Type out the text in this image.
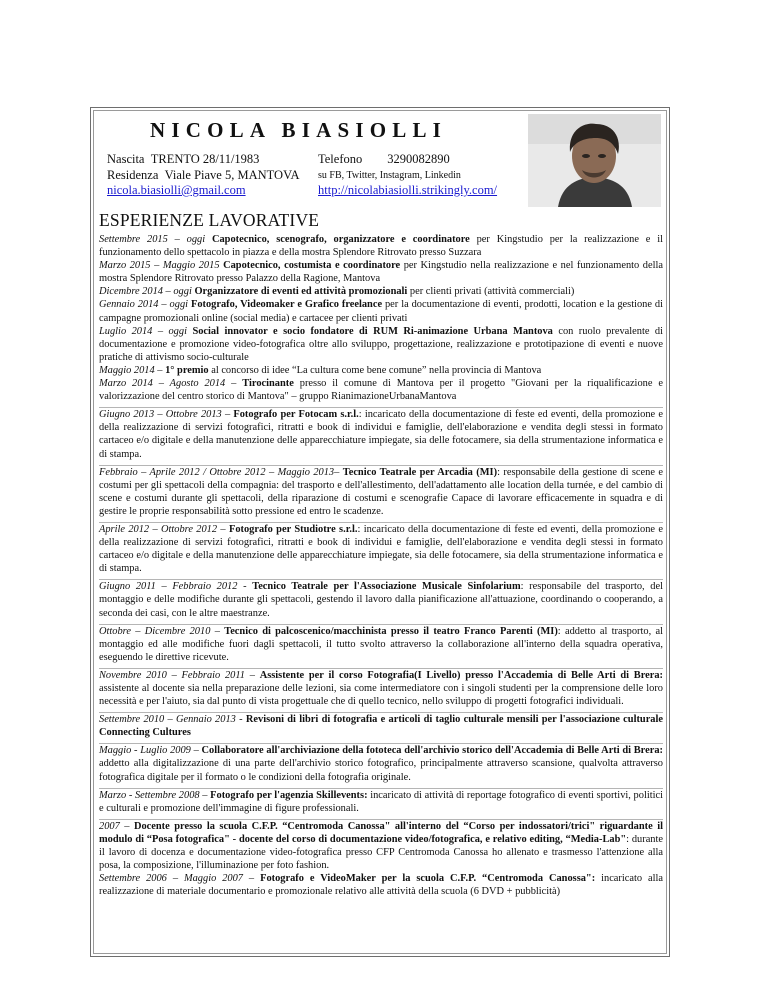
NICOLA BIASIOLLI
Nascita TRENTO 28/11/1983
Residenza Viale Piave 5, MANTOVA
nicola.biasiolli@gmail.com
Telefono 3290082890
su FB, Twitter, Instagram, Linkedin
http://nicolabiasiolli.strikingly.com/
ESPERIENZE LAVORATIVE

Settembre 2015 – oggi Capotecnico, scenografo, organizzatore e coordinatore per Kingstudio per la realizzazione e il funzionamento dello spettacolo in piazza e della mostra Splendore Ritrovato presso Suzzara

Marzo 2015 – Maggio 2015 Capotecnico, costumista e coordinatore per Kingstudio nella realizzazione e nel funzionamento della mostra Splendore Ritrovato presso Palazzo della Ragione, Mantova

Dicembre 2014 – oggi Organizzatore di eventi ed attività promozionali per clienti privati (attività commerciali)

Gennaio 2014 – oggi Fotografo, Videomaker e Grafico freelance per la documentazione di eventi, prodotti, location e la gestione di campagne promozionali online (social media) e cartacee per clienti privati

Luglio 2014 – oggi Social innovator e socio fondatore di RUM Ri-animazione Urbana Mantova con ruolo prevalente di documentazione e promozione video-fotografica oltre allo sviluppo, progettazione, realizzazione e prototipazione di eventi e nuove pratiche di attivismo socio-culturale

Maggio 2014 – 1° premio al concorso di idee “La cultura come bene comune” nella provincia di Mantova

Marzo 2014 – Agosto 2014 – Tirocinante presso il comune di Mantova per il progetto "Giovani per la riqualificazione e valorizzazione del centro storico di Mantova" – gruppo RianimazioneUrbanaMantova

Giugno 2013 – Ottobre 2013 – Fotografo per Fotocam s.r.l.: incaricato della documentazione di feste ed eventi, della promozione e della realizzazione di servizi fotografici, ritratti e book di individui e famiglie, dell'elaborazione e vendita degli stessi in formato cartaceo e/o digitale e della manutenzione delle apparecchiature impiegate, sia delle fotocamere, sia della strumentazione informatica e di stampa.

Febbraio – Aprile 2012 / Ottobre 2012 – Maggio 2013– Tecnico Teatrale per Arcadia (MI): responsabile della gestione di scene e costumi per gli spettacoli della compagnia: del trasporto e dell'allestimento, dell'adattamento alle location della turnée, e del cambio di scene e costumi durante gli spettacoli, della riparazione di costumi e scenografie Capace di lavorare efficacemente in squadra e di gestire le proprie responsabilità sotto pressione ed entro le scadenze.

Aprile 2012 – Ottobre 2012 – Fotografo per Studiotre s.r.l.: incaricato della documentazione di feste ed eventi, della promozione e della realizzazione di servizi fotografici, ritratti e book di individui e famiglie, dell'elaborazione e vendita degli stessi in formato cartaceo e/o digitale e della manutenzione delle apparecchiature impiegate, sia delle fotocamere, sia della strumentazione informatica e di stampa.

Giugno 2011 – Febbraio 2012 - Tecnico Teatrale per l'Associazione Musicale Sinfolarium: responsabile del trasporto, del montaggio e delle modifiche durante gli spettacoli, gestendo il lavoro dalla pianificazione all'attuazione, coordinando o cooperando, a seconda dei casi, con le altre maestranze.

Ottobre – Dicembre 2010 – Tecnico di palcoscenico/macchinista presso il teatro Franco Parenti (MI): addetto al trasporto, al montaggio ed alle modifiche fuori dagli spettacoli, il tutto svolto attraverso la collaborazione all'interno della squadra operativa, eseguendo le direttive ricevute.

Novembre 2010 – Febbraio 2011 – Assistente per il corso Fotografia(I Livello) presso l'Accademia di Belle Arti di Brera: assistente al docente sia nella preparazione delle lezioni, sia come intermediatore con i singoli studenti per la comprensione delle loro necessità e per l'aiuto, sia dal punto di vista progettuale che di quello tecnico, nello sviluppo di progetti fotografici individuali.

Settembre 2010 – Gennaio 2013 - Revisoni di libri di fotografia e articoli di taglio culturale mensili per l'associazione culturale Connecting Cultures

Maggio - Luglio 2009 – Collaboratore all'archiviazione della fototeca dell'archivio storico dell'Accademia di Belle Arti di Brera: addetto alla digitalizzazione di una parte dell'archivio storico fotografico, principalmente attraverso scansione, qualvolta attraverso fotografica digitale per il formato o le condizioni della fotografia originale.

Marzo - Settembre 2008 – Fotografo per l'agenzia Skillevents: incaricato di attività di reportage fotografico di eventi sportivi, politici e culturali e promozione dell'immagine di figure professionali.

2007 – Docente presso la scuola C.F.P. “Centromoda Canossa" all'interno del “Corso per indossatori/trici" riguardante il modulo di “Posa fotografica" - docente del corso di documentazione video/fotografica, e relativo editing, “Media-Lab": durante il lavoro di docenza e documentazione video-fotografica presso CFP Centromoda Canossa ho allenato e trasmesso l'attenzione alla posa, la composizione, l'illuminazione per foto fashion.

Settembre 2006 – Maggio 2007 – Fotografo e VideoMaker per la scuola C.F.P. “Centromoda Canossa": incaricato alla realizzazione di materiale documentario e promozionale relativo alle attività della scuola (6 DVD + pubblicità)
